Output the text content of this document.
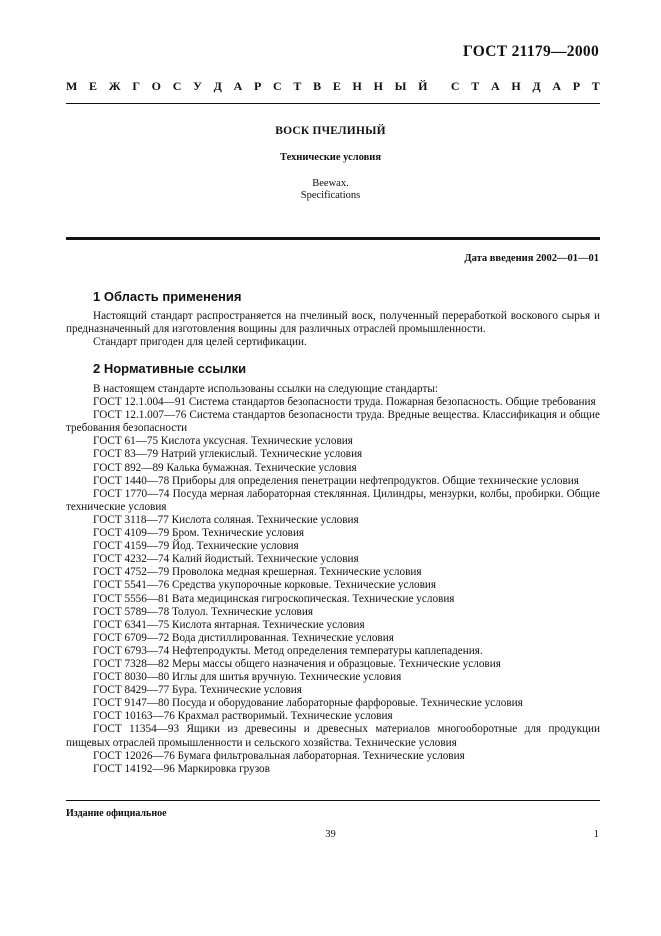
ГОСТ 21179—2000
М Е Ж Г О С У Д А Р С Т В Е Н Н Ы Й С Т А Н Д А Р Т
ВОСК ПЧЕЛИНЫЙ
Технические условия
Beewax.
Specifications
Дата введения 2002—01—01
1 Область применения

Настоящий стандарт распространяется на пчелиный воск, полученный переработкой воскового сырья и предназначенный для изготовления вощины для различных отраслей промышленности.

Стандарт пригоден для целей сертификации.

2 Нормативные ссылки

В настоящем стандарте использованы ссылки на следующие стандарты:

ГОСТ 12.1.004—91 Система стандартов безопасности труда. Пожарная безопасность. Общие требования

ГОСТ 12.1.007—76 Система стандартов безопасности труда. Вредные вещества. Классификация и общие требования безопасности

ГОСТ 61—75 Кислота уксусная. Технические условия

ГОСТ 83—79 Натрий углекислый. Технические условия

ГОСТ 892—89 Калька бумажная. Технические условия

ГОСТ 1440—78 Приборы для определения пенетрации нефтепродуктов. Общие технические условия

ГОСТ 1770—74 Посуда мерная лабораторная стеклянная. Цилиндры, мензурки, колбы, пробирки. Общие технические условия

ГОСТ 3118—77 Кислота соляная. Технические условия

ГОСТ 4109—79 Бром. Технические условия

ГОСТ 4159—79 Йод. Технические условия

ГОСТ 4232—74 Калий йодистый. Технические условия

ГОСТ 4752—79 Проволока медная крешерная. Технические условия

ГОСТ 5541—76 Средства укупорочные корковые. Технические условия

ГОСТ 5556—81 Вата медицинская гигроскопическая. Технические условия

ГОСТ 5789—78 Толуол. Технические условия

ГОСТ 6341—75 Кислота янтарная. Технические условия

ГОСТ 6709—72 Вода дистиллированная. Технические условия

ГОСТ 6793—74 Нефтепродукты. Метод определения температуры каплепадения.

ГОСТ 7328—82 Меры массы общего назначения и образцовые. Технические условия

ГОСТ 8030—80 Иглы для шитья вручную. Технические условия

ГОСТ 8429—77 Бура. Технические условия

ГОСТ 9147—80 Посуда и оборудование лабораторные фарфоровые. Технические условия

ГОСТ 10163—76 Крахмал растворимый. Технические условия

ГОСТ 11354—93 Ящики из древесины и древесных материалов многооборотные для продукции пищевых отраслей промышленности и сельского хозяйства. Технические условия

ГОСТ 12026—76 Бумага фильтровальная лабораторная. Технические условия

ГОСТ 14192—96 Маркировка грузов

Издание официальное
39	1
